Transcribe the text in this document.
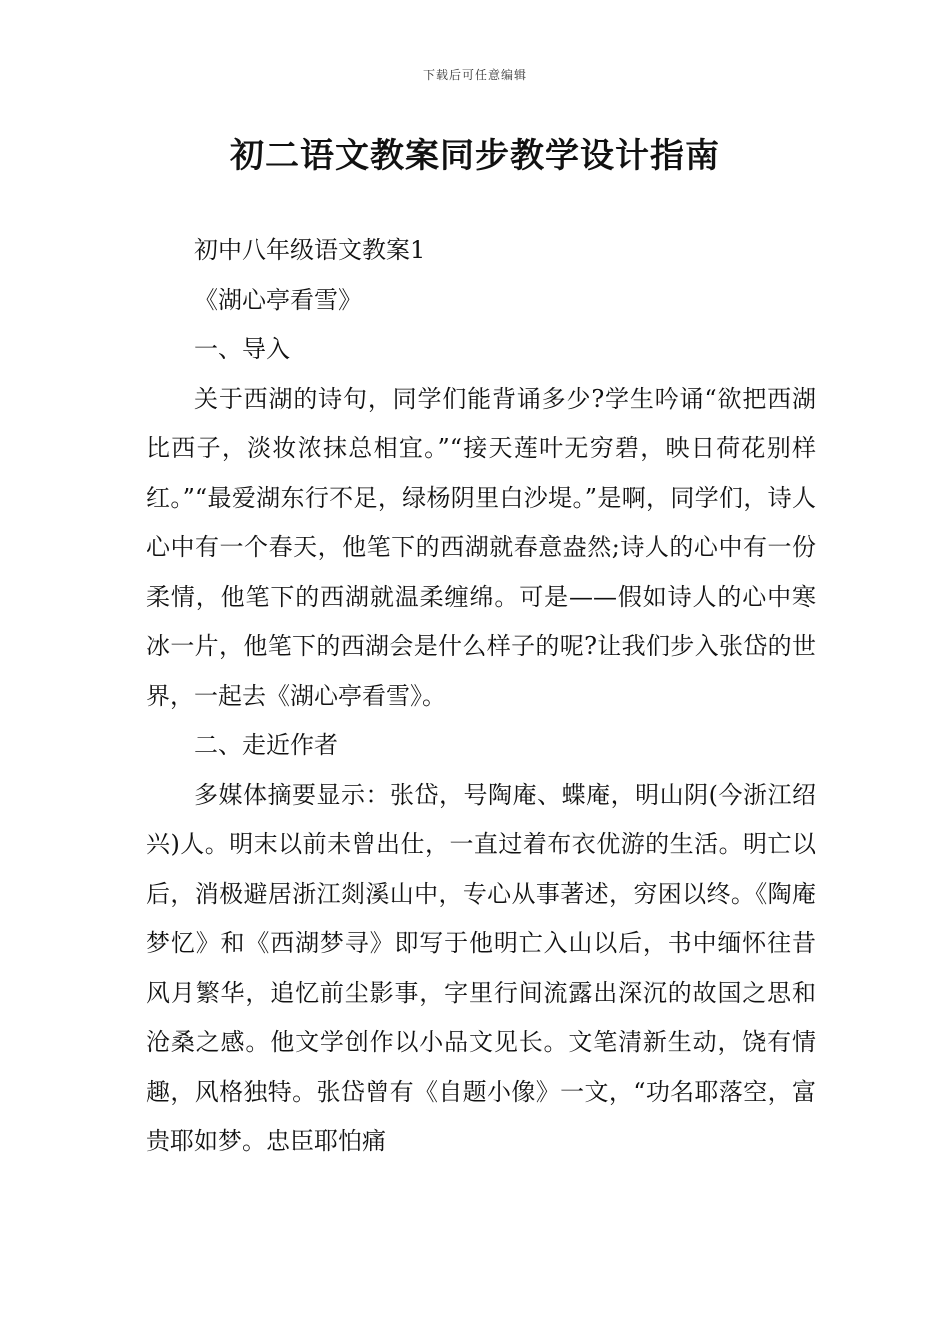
下载后可任意编辑
初二语文教案同步教学设计指南

初中八年级语文教案1

《湖心亭看雪》

一、导入

关于西湖的诗句，同学们能背诵多少?学生吟诵“欲把西湖比西子，淡妆浓抹总相宜。”“接天莲叶无穷碧，映日荷花别样红。”“最爱湖东行不足，绿杨阴里白沙堤。”是啊，同学们，诗人心中有一个春天，他笔下的西湖就春意盎然;诗人的心中有一份柔情，他笔下的西湖就温柔缠绵。可是——假如诗人的心中寒冰一片，他笔下的西湖会是什么样子的呢?让我们步入张岱的世界，一起去《湖心亭看雪》。

二、走近作者

多媒体摘要显示：张岱，号陶庵、蝶庵，明山阴(今浙江绍兴)人。明末以前未曾出仕，一直过着布衣优游的生活。明亡以后，消极避居浙江剡溪山中，专心从事著述，穷困以终。《陶庵梦忆》和《西湖梦寻》即写于他明亡入山以后，书中缅怀往昔风月繁华，追忆前尘影事，字里行间流露出深沉的故国之思和沧桑之感。他文学创作以小品文见长。文笔清新生动，饶有情趣，风格独特。张岱曾有《自题小像》一文，“功名耶落空，富贵耶如梦。忠臣耶怕痛
